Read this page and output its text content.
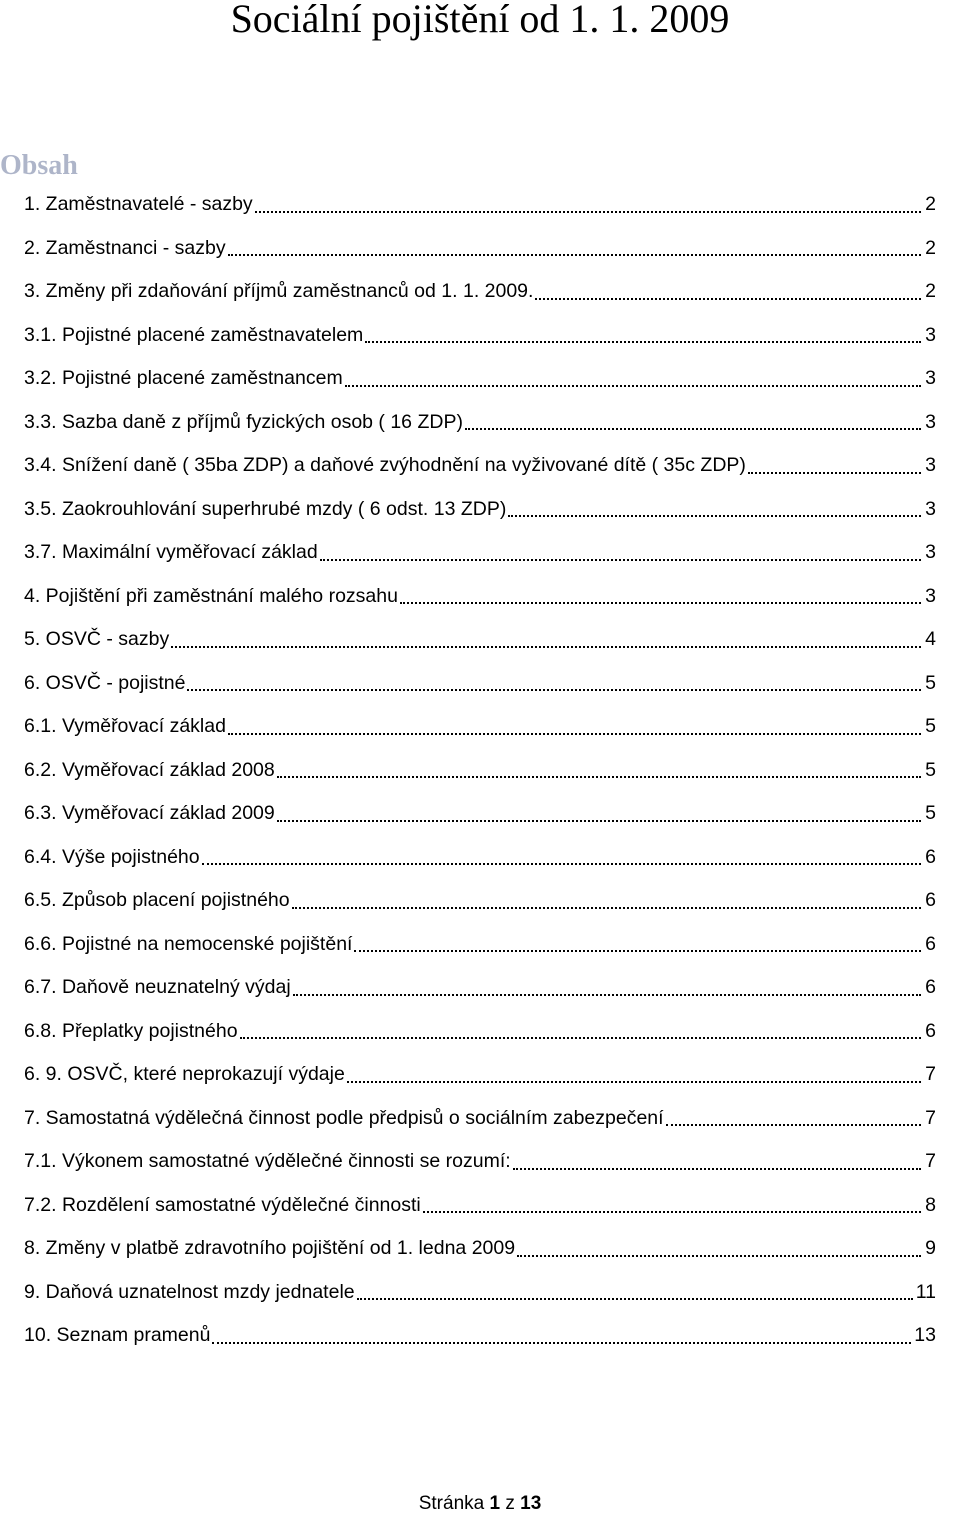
Sociální pojištění od 1. 1. 2009
Obsah
1. Zaměstnavatelé - sazby	2
2. Zaměstnanci - sazby	2
3. Změny při zdaňování příjmů zaměstnanců od 1. 1. 2009.	2
3.1. Pojistné placené zaměstnavatelem	3
3.2. Pojistné placené zaměstnancem	3
3.3. Sazba daně z příjmů fyzických osob ( 16 ZDP)	3
3.4. Snížení daně ( 35ba ZDP) a daňové zvýhodnění na vyživované dítě ( 35c ZDP)	3
3.5. Zaokrouhlování superhrubé mzdy ( 6 odst. 13 ZDP)	3
3.7. Maximální vyměřovací základ	3
4. Pojištění při zaměstnání malého rozsahu	3
5. OSVČ - sazby	4
6. OSVČ - pojistné	5
6.1. Vyměřovací základ	5
6.2. Vyměřovací základ 2008	5
6.3. Vyměřovací základ 2009	5
6.4. Výše pojistného	6
6.5. Způsob placení pojistného	6
6.6. Pojistné na nemocenské pojištění	6
6.7. Daňově neuznatelný výdaj	6
6.8. Přeplatky pojistného	6
6. 9. OSVČ, které neprokazují výdaje	7
7. Samostatná výdělečná činnost podle předpisů o sociálním zabezpečení	7
7.1. Výkonem samostatné výdělečné činnosti se rozumí:	7
7.2. Rozdělení samostatné výdělečné činnosti	8
8. Změny v platbě zdravotního pojištění od 1. ledna 2009	9
9. Daňová uznatelnost mzdy jednatele	11
10. Seznam pramenů	13
Stránka 1 z 13
